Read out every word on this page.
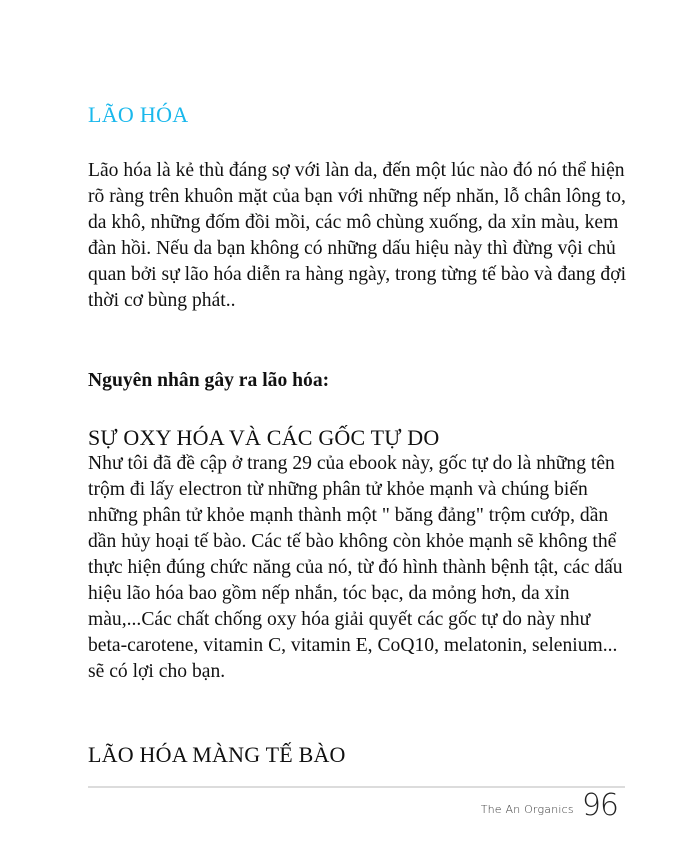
LÃO HÓA

Lão hóa là kẻ thù đáng sợ với làn da, đến một lúc nào đó nó thể hiện rõ ràng trên khuôn mặt của bạn với những nếp nhăn, lỗ chân lông to, da khô, những đốm đồi mồi, các mô chùng xuống, da xỉn màu, kem đàn hồi. Nếu da bạn không có những dấu hiệu này thì đừng vội chủ quan bởi sự lão hóa diễn ra hàng ngày, trong từng tế bào và đang đợi thời cơ bùng phát..

Nguyên nhân gây ra lão hóa:

SỰ OXY HÓA VÀ CÁC GỐC TỰ DO

Như tôi đã đề cập ở trang 29 của ebook này, gốc tự do là những tên trộm đi lấy electron từ những phân tử khỏe mạnh và chúng biến những phân tử khỏe mạnh thành một " băng đảng" trộm cướp, dần dần hủy hoại tế bào. Các tế bào không còn khỏe mạnh sẽ không thể thực hiện đúng chức năng của nó, từ đó hình thành bệnh tật, các dấu hiệu lão hóa bao gồm nếp nhắn, tóc bạc, da mỏng hơn, da xỉn màu,...Các chất chống oxy hóa giải quyết các gốc tự do này như beta-carotene, vitamin C, vitamin E, CoQ10, melatonin, selenium... sẽ có lợi cho bạn.

LÃO HÓA MÀNG TẾ BÀO
The An Organics 96
